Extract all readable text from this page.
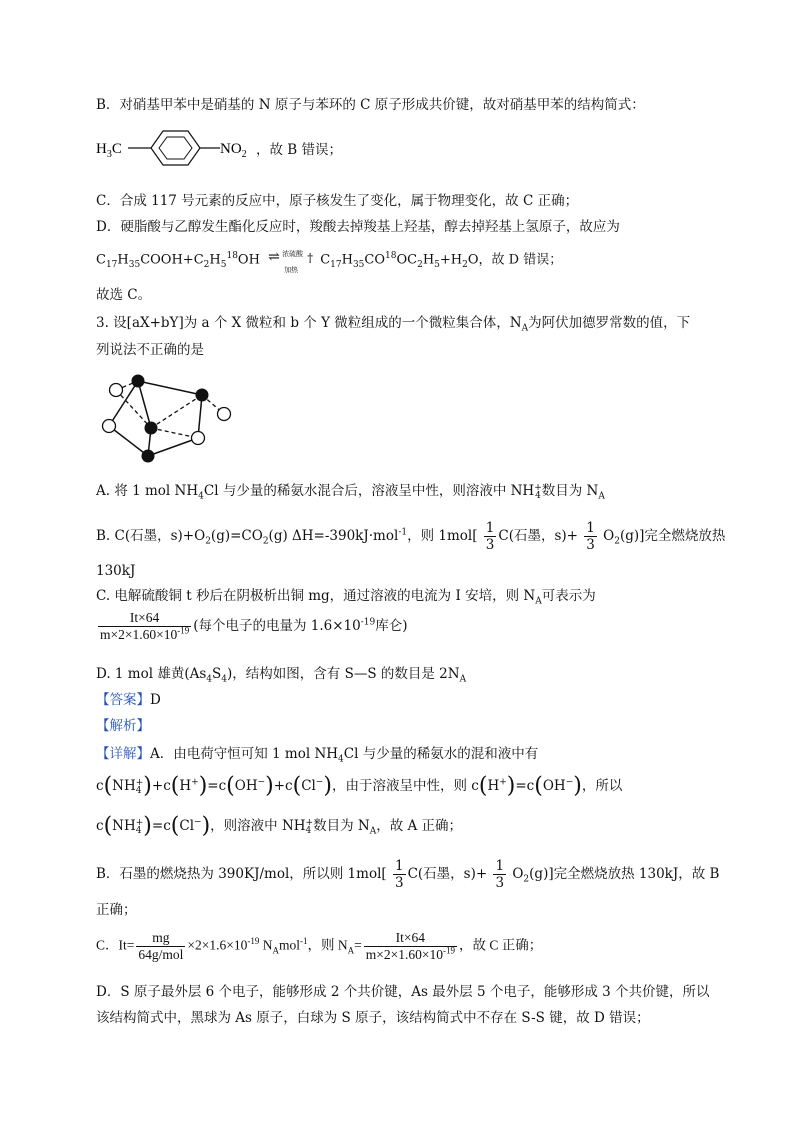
B．对硝基甲苯中是硝基的 N 原子与苯环的 C 原子形成共价键，故对硝基甲苯的结构简式：
$H_3C$	$NO_2$ ，故 B 错误；
C．合成 117 号元素的反应中，原子核发生了变化，属于物理变化，故 C 正确；
D．硬脂酸与乙醇发生酯化反应时，羧酸去掉羧基上羟基，醇去掉羟基上氢原子，故应为
$C_{17}H_{35}COOH+C_2H_5^{18}OH$ ⇌ 浓硫酸
加热
† $C_{17}H_{35}CO^{18}OC_2H_5+H_2O$，故 D 错误；
故选 C。
3. 设[aX+bY]为 a 个 X 微粒和 b 个 Y 微粒组成的一个微粒集合体，$N_A$为阿伏加德罗常数的值，下
列说法不正确的是
A. 将 1 mol $NH_4Cl$ 与少量的稀氨水混合后，溶液呈中性，则溶液中 NH +
4 数目为 $N_A$
B. C(石墨，$s)+O_2(g)=CO_2(g)$ ΔH=-390kJ·mol$^{-1}$，则 $1mol[ \frac{1}{3} C$(石墨，$s)+ \frac{1}{3} O_2(g)$]完全燃烧放热
130kJ
C. 电解硫酸铜 t 秒后在阴极析出铜 mg，通过溶液的电流为 I 安培，则 $N_A$可表示为
$\frac{It\times 64}{m\times 2\times 1.60\times 10^{-19}}$ (每个电子的电量为 $1.6\times 10^{-19}$库仑)
D. 1 mol 雄黄$(As_4S_4)$，结构如图，含有 S—S 的数目是 $2N_A$
【答案】D
【解析】
【详解】A．由电荷守恒可知 1 mol $NH_4Cl$ 与少量的稀氨水的混和液中有
c(NH +
4 )+c(H+)=c(OH−)+c(Cl−)，由于溶液呈中性，则 c(H+)=c(OH−)，所以
c(NH +
4 )=c(Cl−)，则溶液中 NH +
4 数目为 $N_A$，故 A 正确；
B．石墨的燃烧热为 390KJ/mol，所以则 $1mol[ \frac{1}{3} C$(石墨，$s)+ \frac{1}{3} O_2(g)$]完全燃烧放热 130kJ，故 B
正确；
C．$It= \frac{mg}{\text{64g/mol}} \times 2\times 1.6\times 10^{-19}$ $N_Amol^{-1}$，则 $N_A= \frac{It\times 64}{m\times 2\times 1.60\times 10^{-19}}$ ，故 C 正确；
D．S 原子最外层 6 个电子，能够形成 2 个共价键，As 最外层 5 个电子，能够形成 3 个共价键，所以
该结构简式中，黑球为 As 原子，白球为 S 原子，该结构简式中不存在 S-S 键，故 D 错误；
